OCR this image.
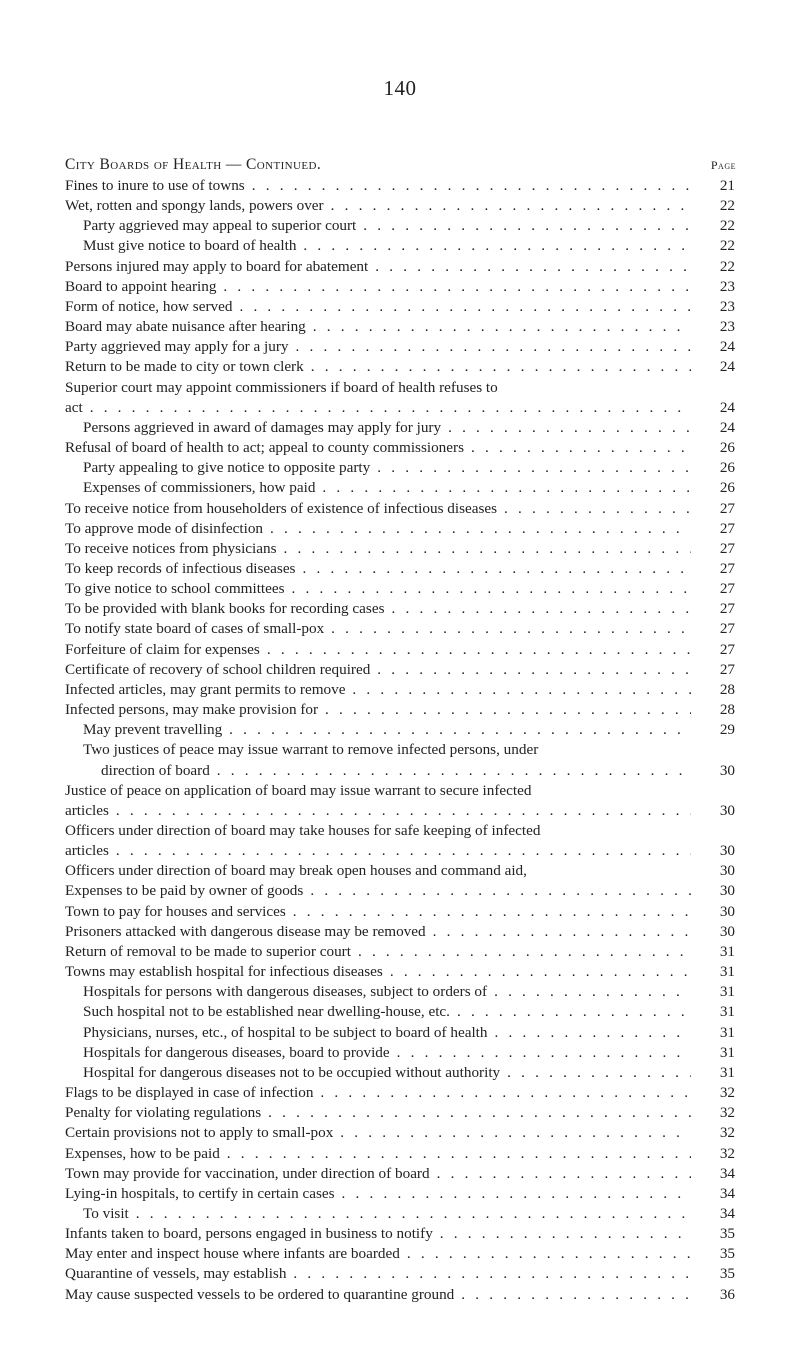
140
City Boards of Health — Continued.	Page
Fines to inure to use of towns . . .	21
Wet, rotten and spongy lands, powers over . . .	22
Party aggrieved may appeal to superior court . . .	22
Must give notice to board of health . . .	22
Persons injured may apply to board for abatement . . .	22
Board to appoint hearing . . .	23
Form of notice, how served . . .	23
Board may abate nuisance after hearing . . .	23
Party aggrieved may apply for a jury . . .	24
Return to be made to city or town clerk . . .	24
Superior court may appoint commissioners if board of health refuses to
act . . .	24
Persons aggrieved in award of damages may apply for jury . . .	24
Refusal of board of health to act; appeal to county commissioners . . .	26
Party appealing to give notice to opposite party . . .	26
Expenses of commissioners, how paid . . .	26
To receive notice from householders of existence of infectious diseases . . .	27
To approve mode of disinfection . . .	27
To receive notices from physicians . . .	27
To keep records of infectious diseases . . .	27
To give notice to school committees . . .	27
To be provided with blank books for recording cases . . .	27
To notify state board of cases of small-pox . . .	27
Forfeiture of claim for expenses . . .	27
Certificate of recovery of school children required . . .	27
Infected articles, may grant permits to remove . . .	28
Infected persons, may make provision for . . .	28
May prevent travelling . . .	29
Two justices of peace may issue warrant to remove infected persons, under
direction of board . . .	30
Justice of peace on application of board may issue warrant to secure infected
articles . . .	30
Officers under direction of board may take houses for safe keeping of infected
articles . . .	30
Officers under direction of board may break open houses and command aid,	30
Expenses to be paid by owner of goods . . .	30
Town to pay for houses and services . . .	30
Prisoners attacked with dangerous disease may be removed . . .	30
Return of removal to be made to superior court . . .	31
Towns may establish hospital for infectious diseases . . .	31
Hospitals for persons with dangerous diseases, subject to orders of . . .	31
Such hospital not to be established near dwelling-house, etc. . . .	31
Physicians, nurses, etc., of hospital to be subject to board of health . . .	31
Hospitals for dangerous diseases, board to provide . . .	31
Hospital for dangerous diseases not to be occupied without authority . . .	31
Flags to be displayed in case of infection . . .	32
Penalty for violating regulations . . .	32
Certain provisions not to apply to small-pox . . .	32
Expenses, how to be paid . . .	32
Town may provide for vaccination, under direction of board . . .	34
Lying-in hospitals, to certify in certain cases . . .	34
To visit . . .	34
Infants taken to board, persons engaged in business to notify . . .	35
May enter and inspect house where infants are boarded . . .	35
Quarantine of vessels, may establish . . .	35
May cause suspected vessels to be ordered to quarantine ground . . .	36
